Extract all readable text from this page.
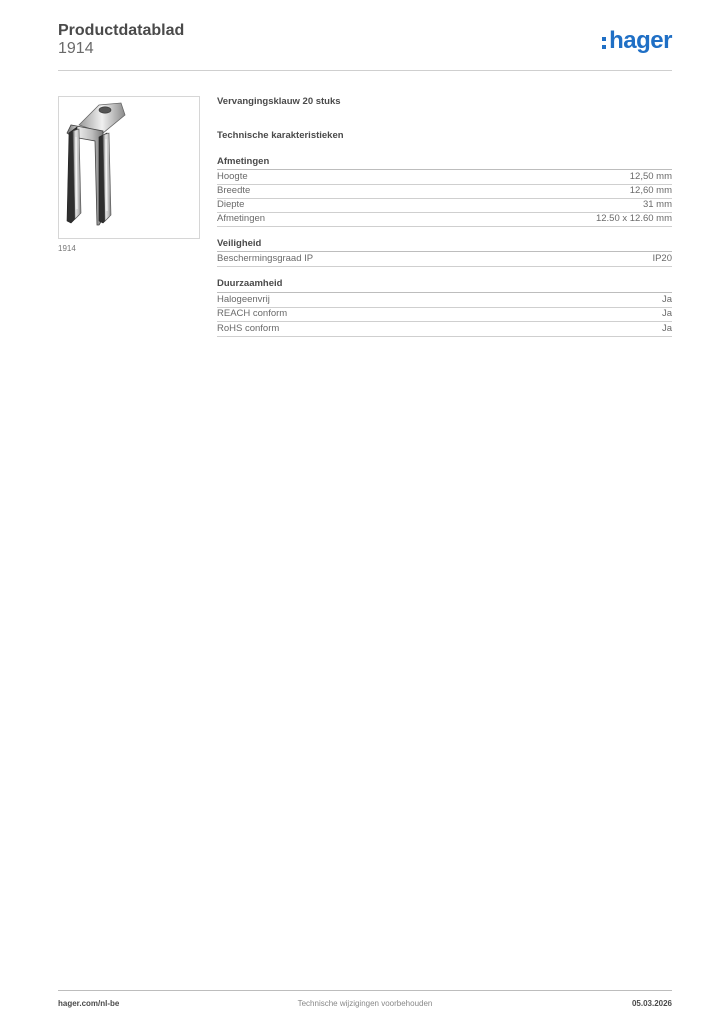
Productdatablad
1914	hager
1914
Vervangingsklauw 20 stuks
Technische karakteristieken
Afmetingen
Hoogte	12,50 mm
Breedte	12,60 mm
Diepte	31 mm
Afmetingen	12.50 x 12.60 mm
Veiligheid
Beschermingsgraad IP	IP20
Duurzaamheid
Halogeenvrij	Ja
REACH conform	Ja
RoHS conform	Ja
Technische wijzigingen voorbehouden
hager.com/nl-be	05.03.2026
